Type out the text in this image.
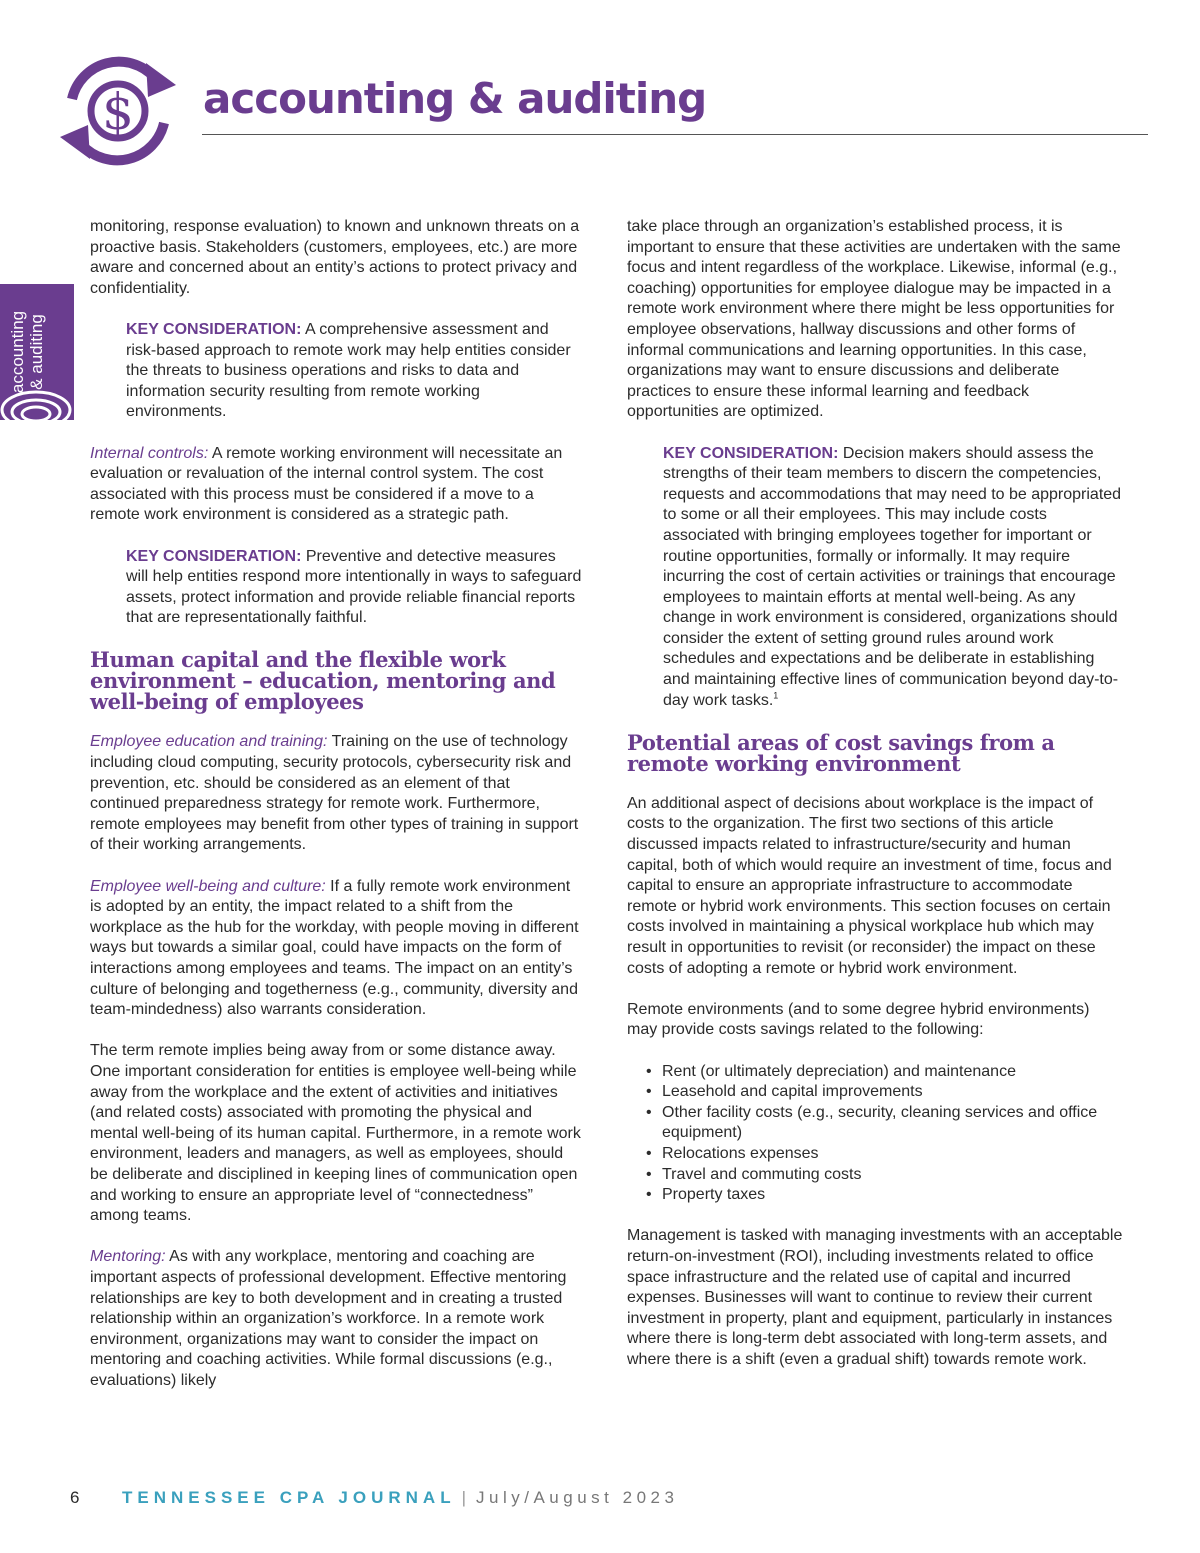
$ accounting & auditing
accounting & auditing

monitoring, response evaluation) to known and unknown threats on a proactive basis. Stakeholders (customers, employees, etc.) are more aware and concerned about an entity’s actions to protect privacy and confidentiality.

KEY CONSIDERATION: A comprehensive assessment and risk-based approach to remote work may help entities consider the threats to business operations and risks to data and information security resulting from remote working environments.

Internal controls: A remote working environment will necessitate an evaluation or revaluation of the internal control system. The cost associated with this process must be considered if a move to a remote work environment is considered as a strategic path.

KEY CONSIDERATION: Preventive and detective measures will help entities respond more intentionally in ways to safeguard assets, protect information and provide reliable financial reports that are representationally faithful.

Human capital and the flexible work environment – education, mentoring and well-being of employees

Employee education and training: Training on the use of technology including cloud computing, security protocols, cybersecurity risk and prevention, etc. should be considered as an element of that continued preparedness strategy for remote work. Furthermore, remote employees may benefit from other types of training in support of their working arrangements.

Employee well-being and culture: If a fully remote work environment is adopted by an entity, the impact related to a shift from the workplace as the hub for the workday, with people moving in different ways but towards a similar goal, could have impacts on the form of interactions among employees and teams. The impact on an entity’s culture of belonging and togetherness (e.g., community, diversity and team-mindedness) also warrants consideration.

The term remote implies being away from or some distance away. One important consideration for entities is employee well-being while away from the workplace and the extent of activities and initiatives (and related costs) associated with promoting the physical and mental well-being of its human capital. Furthermore, in a remote work environment, leaders and managers, as well as employees, should be deliberate and disciplined in keeping lines of communication open and working to ensure an appropriate level of “connectedness” among teams.

Mentoring: As with any workplace, mentoring and coaching are important aspects of professional development. Effective mentoring relationships are key to both development and in creating a trusted relationship within an organization’s workforce. In a remote work environment, organizations may want to consider the impact on mentoring and coaching activities. While formal discussions (e.g., evaluations) likely

take place through an organization’s established process, it is important to ensure that these activities are undertaken with the same focus and intent regardless of the workplace. Likewise, informal (e.g., coaching) opportunities for employee dialogue may be impacted in a remote work environment where there might be less opportunities for employee observations, hallway discussions and other forms of informal communications and learning opportunities. In this case, organizations may want to ensure discussions and deliberate practices to ensure these informal learning and feedback opportunities are optimized.

KEY CONSIDERATION: Decision makers should assess the strengths of their team members to discern the competencies, requests and accommodations that may need to be appropriated to some or all their employees. This may include costs associated with bringing employees together for important or routine opportunities, formally or informally. It may require incurring the cost of certain activities or trainings that encourage employees to maintain efforts at mental well-being. As any change in work environment is considered, organizations should consider the extent of setting ground rules around work schedules and expectations and be deliberate in establishing and maintaining effective lines of communication beyond day-to-day work tasks.$^1$

Potential areas of cost savings from a remote working environment

An additional aspect of decisions about workplace is the impact of costs to the organization. The first two sections of this article discussed impacts related to infrastructure/security and human capital, both of which would require an investment of time, focus and capital to ensure an appropriate infrastructure to accommodate remote or hybrid work environments. This section focuses on certain costs involved in maintaining a physical workplace hub which may result in opportunities to revisit (or reconsider) the impact on these costs of adopting a remote or hybrid work environment.

Remote environments (and to some degree hybrid environments) may provide costs savings related to the following:

• Rent (or ultimately depreciation) and maintenance
• Leasehold and capital improvements
• Other facility costs (e.g., security, cleaning services and office equipment)
• Relocations expenses
• Travel and commuting costs
• Property taxes

Management is tasked with managing investments with an acceptable return-on-investment (ROI), including investments related to office space infrastructure and the related use of capital and incurred expenses. Businesses will want to continue to review their current investment in property, plant and equipment, particularly in instances where there is long-term debt associated with long-term assets, and where there is a shift (even a gradual shift) towards remote work.

6	TENNESSEE CPA JOURNAL | July/August 2023
